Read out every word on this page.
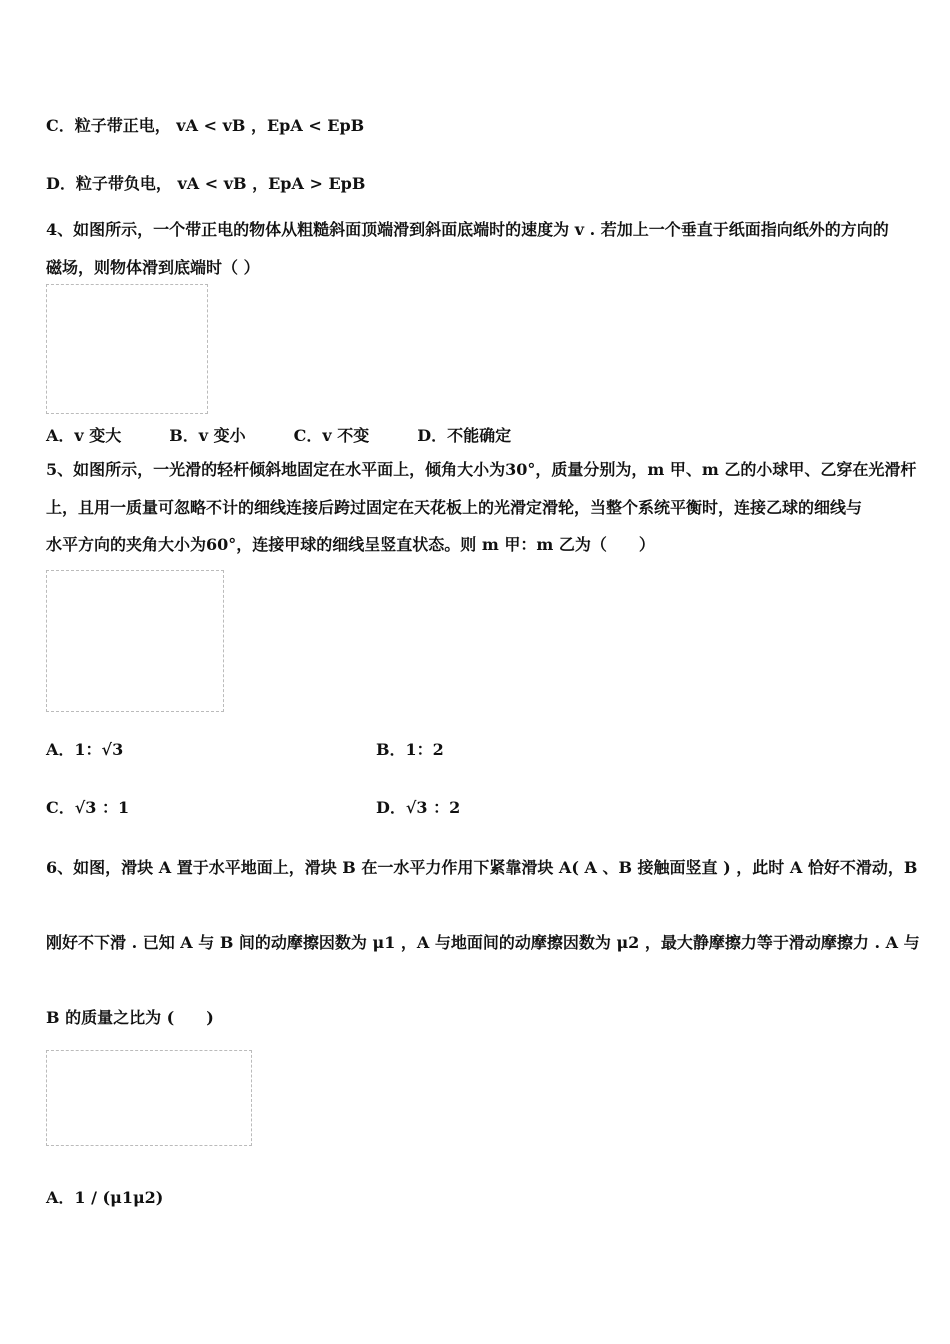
C．粒子带正电， vA < vB ，EpA < EpB
D．粒子带负电， vA < vB ，EpA > EpB
4、如图所示，一个带正电的物体从粗糙斜面顶端滑到斜面底端时的速度为 v . 若加上一个垂直于纸面指向纸外的方向的
磁场，则物体滑到底端时（ ）
A．v 变大　　　B．v 变小　　　C．v 不变　　　D．不能确定
5、如图所示，一光滑的轻杆倾斜地固定在水平面上，倾角大小为30°，质量分别为，m 甲、m 乙的小球甲、乙穿在光滑杆
上，且用一质量可忽略不计的细线连接后跨过固定在天花板上的光滑定滑轮，当整个系统平衡时，连接乙球的细线与
水平方向的夹角大小为60°，连接甲球的细线呈竖直状态。则 m 甲：m 乙为（　　）
A．1：√3	B．1：2
C．√3 ：1	D．√3 ：2
6、如图，滑块 A 置于水平地面上，滑块 B 在一水平力作用下紧靠滑块 A( A 、B 接触面竖直 ) ，此时 A 恰好不滑动，B
刚好不下滑 . 已知 A 与 B 间的动摩擦因数为 μ1 ，A 与地面间的动摩擦因数为 μ2 ，最大静摩擦力等于滑动摩擦力 . A 与
B 的质量之比为 (　　)
A．1 / (μ1μ2)
